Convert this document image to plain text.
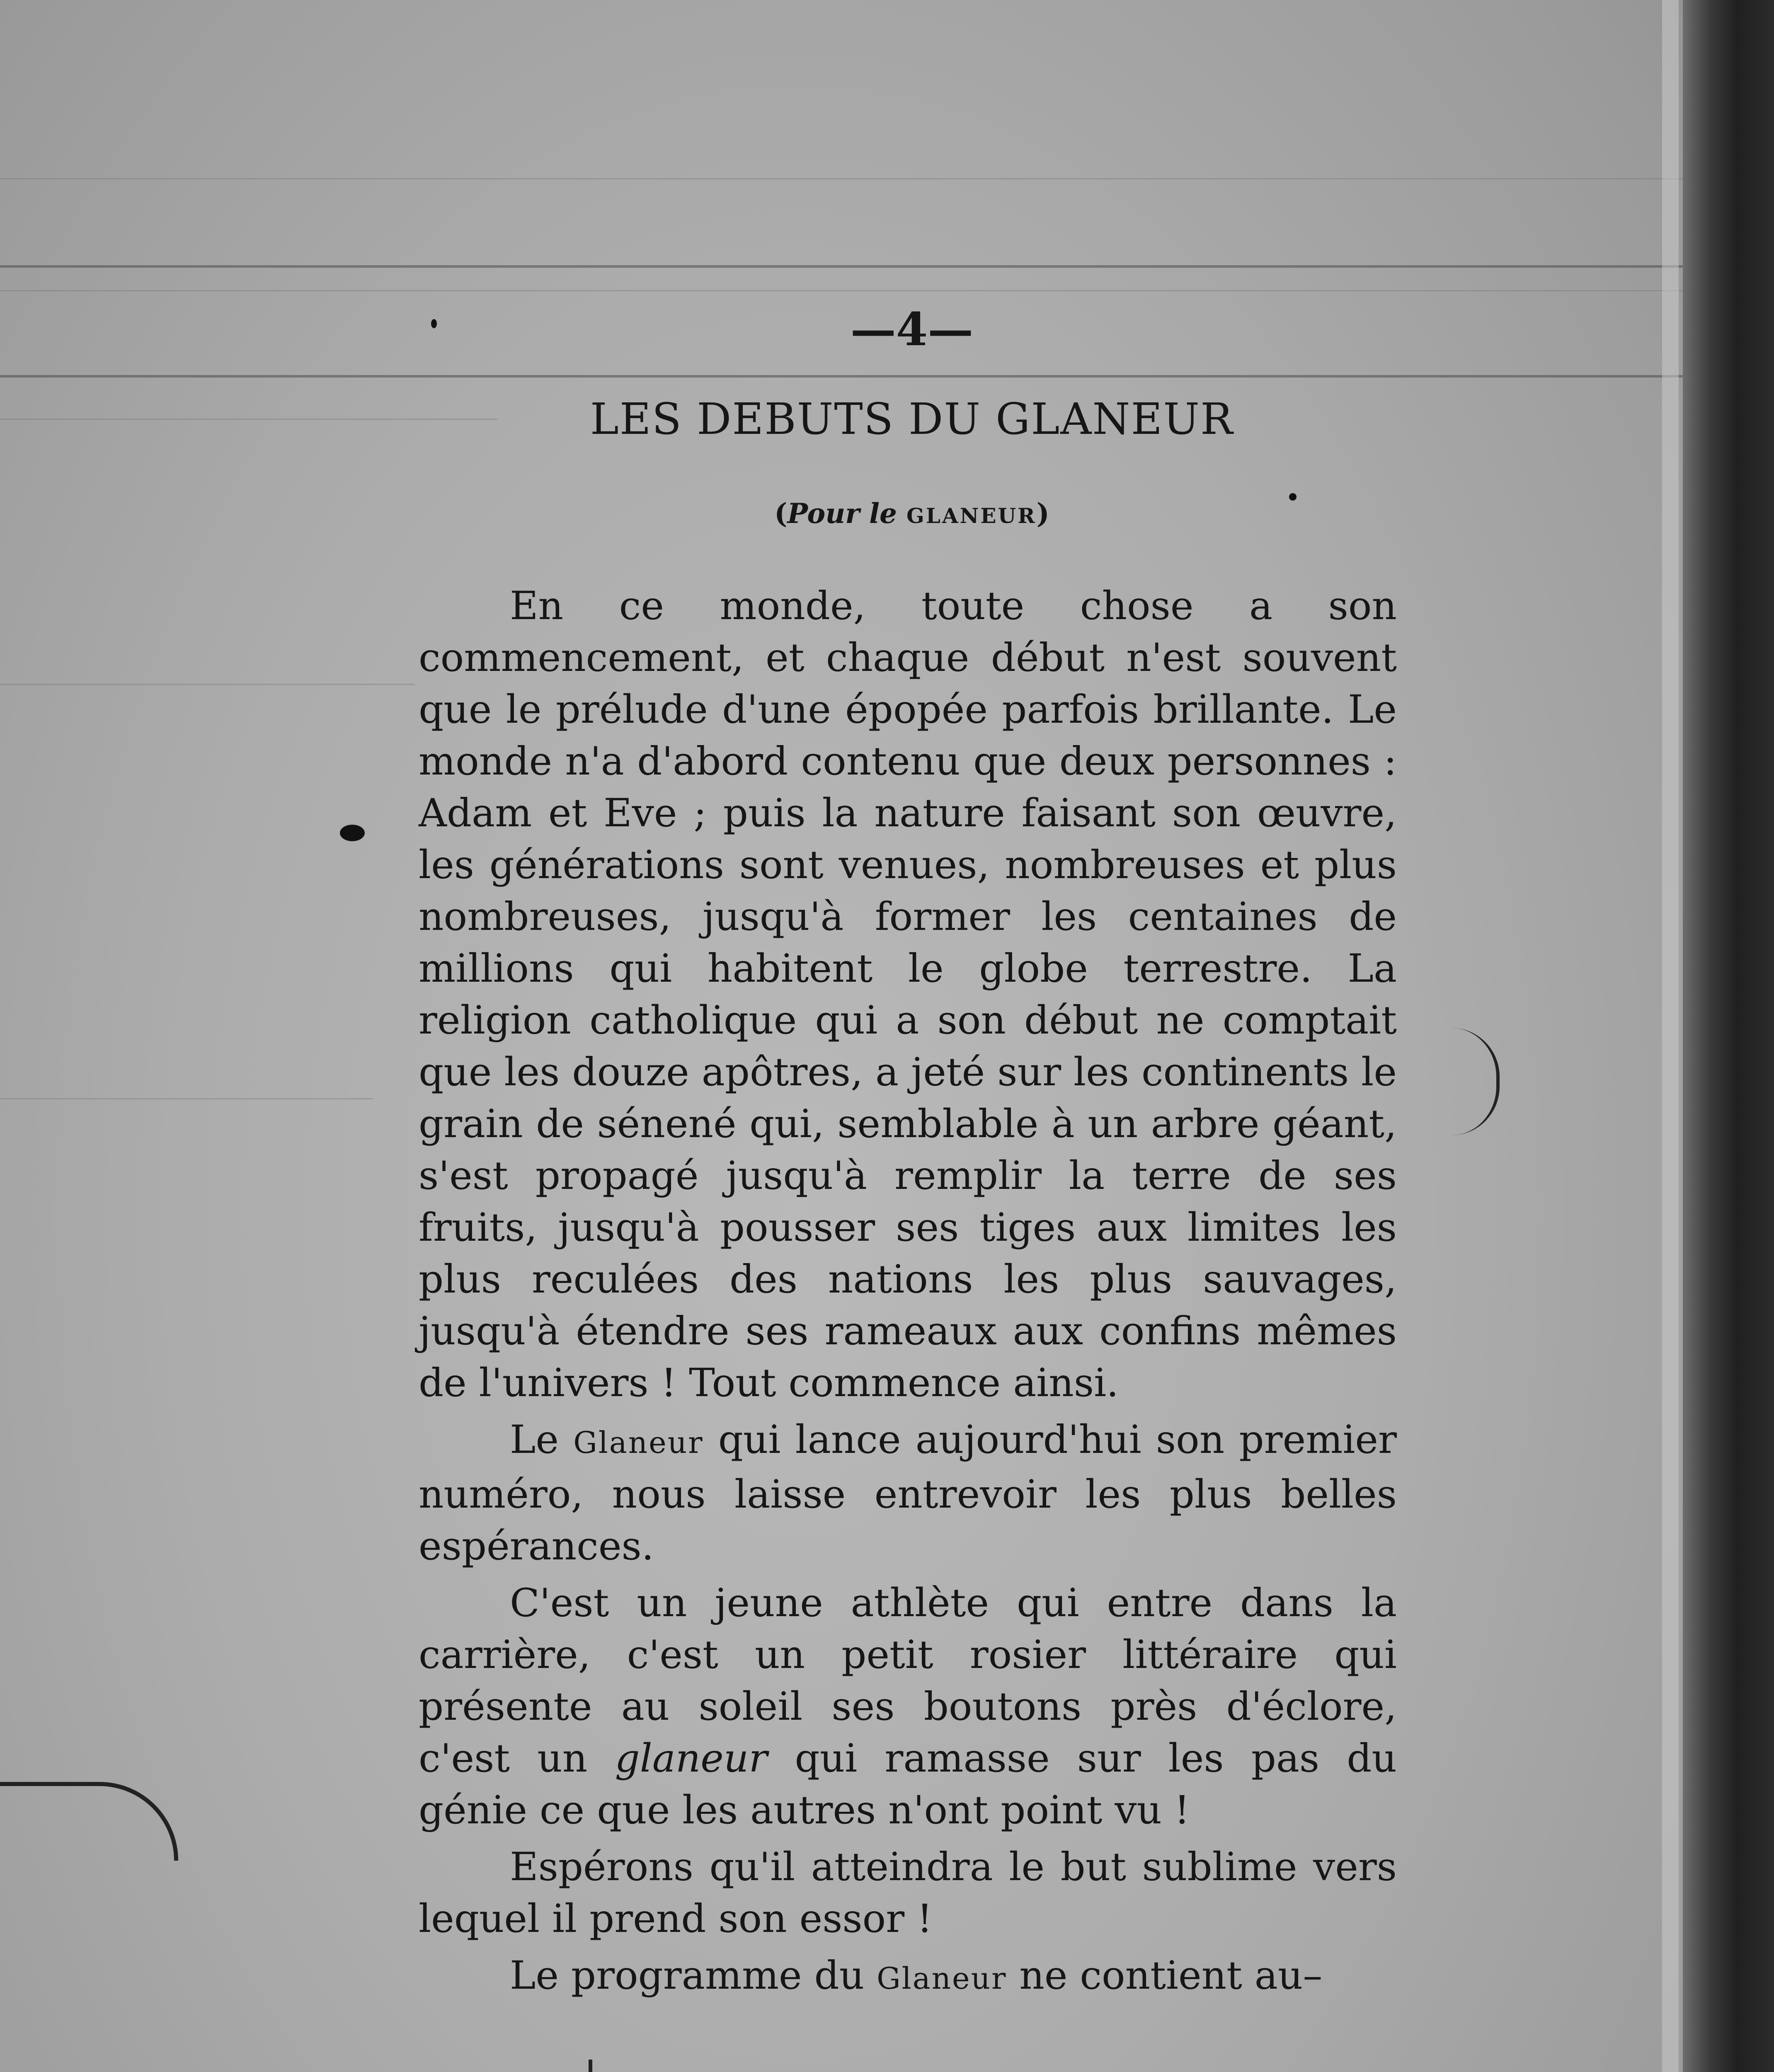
—4—
LES DEBUTS DU GLANEUR
(Pour le GLANEUR)

En ce monde, toute chose a son commencement, et chaque début n'est souvent que le prélude d'une épopée parfois brillante. Le monde n'a d'abord contenu que deux personnes : Adam et Eve ; puis la nature faisant son œuvre, les générations sont venues, nombreuses et plus nombreuses, jusqu'à former les centaines de millions qui habitent le globe terrestre. La religion catholique qui a son début ne comptait que les douze apôtres, a jeté sur les continents le grain de sénené qui, semblable à un arbre géant, s'est propagé jusqu'à remplir la terre de ses fruits, jusqu'à pousser ses tiges aux limites les plus reculées des nations les plus sauvages, jusqu'à étendre ses rameaux aux confins mêmes de l'univers ! Tout commence ainsi.

Le Glaneur qui lance aujourd'hui son premier numéro, nous laisse entrevoir les plus belles espérances.

C'est un jeune athlète qui entre dans la carrière, c'est un petit rosier littéraire qui présente au soleil ses boutons près d'éclore, c'est un glaneur qui ramasse sur les pas du génie ce que les autres n'ont point vu !

Espérons qu'il atteindra le but sublime vers lequel il prend son essor !

Le programme du Glaneur ne contient au–
